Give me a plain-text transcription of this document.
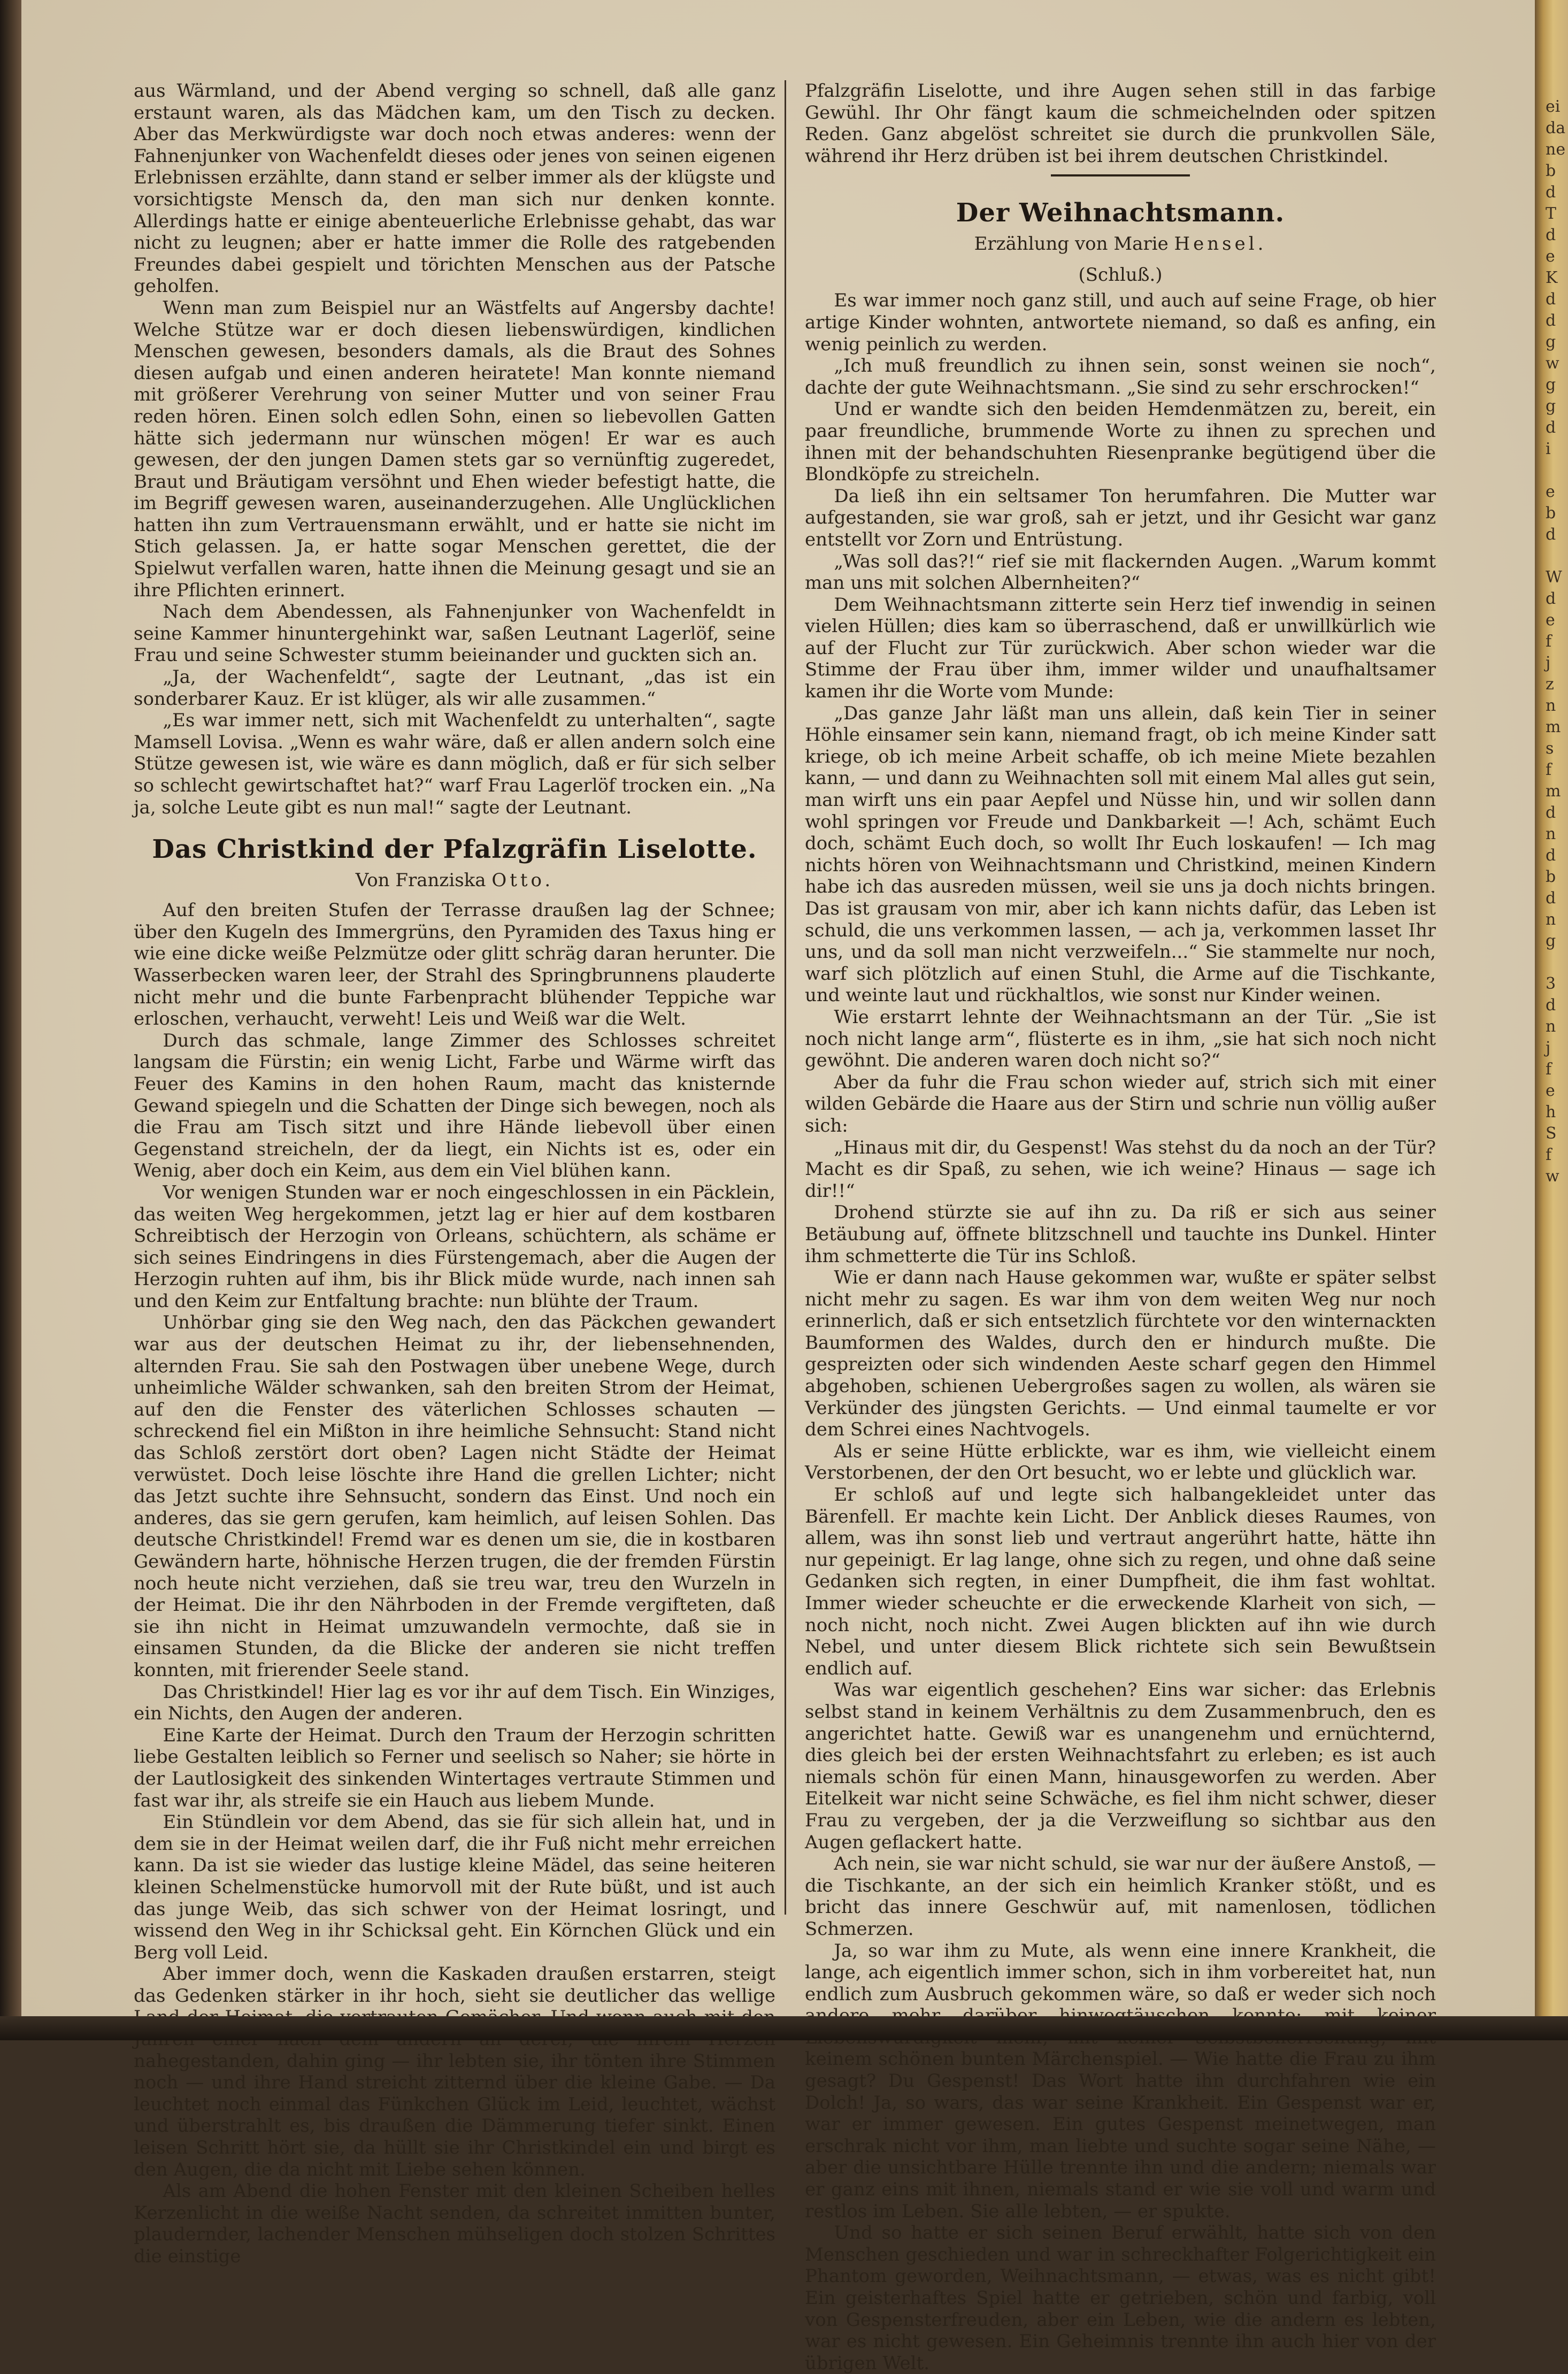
aus Wärmland, und der Abend verging so schnell, daß alle ganz erstaunt waren, als das Mädchen kam, um den Tisch zu decken. Aber das Merkwürdigste war doch noch etwas anderes: wenn der Fahnenjunker von Wachenfeldt dieses oder jenes von seinen eigenen Erlebnissen erzählte, dann stand er selber immer als der klügste und vorsichtigste Mensch da, den man sich nur denken konnte. Allerdings hatte er einige abenteuerliche Erlebnisse gehabt, das war nicht zu leugnen; aber er hatte immer die Rolle des ratgebenden Freundes dabei gespielt und törichten Menschen aus der Patsche geholfen.

Wenn man zum Beispiel nur an Wästfelts auf Angersby dachte! Welche Stütze war er doch diesen liebenswürdigen, kindlichen Menschen gewesen, besonders damals, als die Braut des Sohnes diesen aufgab und einen anderen heiratete! Man konnte niemand mit größerer Verehrung von seiner Mutter und von seiner Frau reden hören. Einen solch edlen Sohn, einen so liebevollen Gatten hätte sich jedermann nur wünschen mögen! Er war es auch gewesen, der den jungen Damen stets gar so vernünftig zugeredet, Braut und Bräutigam versöhnt und Ehen wieder befestigt hatte, die im Begriff gewesen waren, auseinanderzugehen. Alle Unglücklichen hatten ihn zum Vertrauensmann erwählt, und er hatte sie nicht im Stich gelassen. Ja, er hatte sogar Menschen gerettet, die der Spielwut verfallen waren, hatte ihnen die Meinung gesagt und sie an ihre Pflichten erinnert.

Nach dem Abendessen, als Fahnenjunker von Wachenfeldt in seine Kammer hinuntergehinkt war, saßen Leutnant Lagerlöf, seine Frau und seine Schwester stumm beieinander und guckten sich an.

„Ja, der Wachenfeldt“, sagte der Leutnant, „das ist ein sonderbarer Kauz. Er ist klüger, als wir alle zusammen.“

„Es war immer nett, sich mit Wachenfeldt zu unterhalten“, sagte Mamsell Lovisa. „Wenn es wahr wäre, daß er allen andern solch eine Stütze gewesen ist, wie wäre es dann möglich, daß er für sich selber so schlecht gewirtschaftet hat?“ warf Frau Lagerlöf trocken ein. „Na ja, solche Leute gibt es nun mal!“ sagte der Leutnant.

Das Christkind der Pfalzgräfin Liselotte.
Von Franziska Otto.

Auf den breiten Stufen der Terrasse draußen lag der Schnee; über den Kugeln des Immergrüns, den Pyramiden des Taxus hing er wie eine dicke weiße Pelzmütze oder glitt schräg daran herunter. Die Wasserbecken waren leer, der Strahl des Springbrunnens plauderte nicht mehr und die bunte Farbenpracht blühender Teppiche war erloschen, verhaucht, verweht! Leis und Weiß war die Welt.

Durch das schmale, lange Zimmer des Schlosses schreitet langsam die Fürstin; ein wenig Licht, Farbe und Wärme wirft das Feuer des Kamins in den hohen Raum, macht das knisternde Gewand spiegeln und die Schatten der Dinge sich bewegen, noch als die Frau am Tisch sitzt und ihre Hände liebevoll über einen Gegenstand streicheln, der da liegt, ein Nichts ist es, oder ein Wenig, aber doch ein Keim, aus dem ein Viel blühen kann.

Vor wenigen Stunden war er noch eingeschlossen in ein Päcklein, das weiten Weg hergekommen, jetzt lag er hier auf dem kostbaren Schreibtisch der Herzogin von Orleans, schüchtern, als schäme er sich seines Eindringens in dies Fürstengemach, aber die Augen der Herzogin ruhten auf ihm, bis ihr Blick müde wurde, nach innen sah und den Keim zur Entfaltung brachte: nun blühte der Traum.

Unhörbar ging sie den Weg nach, den das Päckchen gewandert war aus der deutschen Heimat zu ihr, der liebensehnenden, alternden Frau. Sie sah den Postwagen über unebene Wege, durch unheimliche Wälder schwanken, sah den breiten Strom der Heimat, auf den die Fenster des väterlichen Schlosses schauten — schreckend fiel ein Mißton in ihre heimliche Sehnsucht: Stand nicht das Schloß zerstört dort oben? Lagen nicht Städte der Heimat verwüstet. Doch leise löschte ihre Hand die grellen Lichter; nicht das Jetzt suchte ihre Sehnsucht, sondern das Einst. Und noch ein anderes, das sie gern gerufen, kam heimlich, auf leisen Sohlen. Das deutsche Christkindel! Fremd war es denen um sie, die in kostbaren Gewändern harte, höhnische Herzen trugen, die der fremden Fürstin noch heute nicht verziehen, daß sie treu war, treu den Wurzeln in der Heimat. Die ihr den Nährboden in der Fremde vergifteten, daß sie ihn nicht in Heimat umzuwandeln vermochte, daß sie in einsamen Stunden, da die Blicke der anderen sie nicht treffen konnten, mit frierender Seele stand.

Das Christkindel! Hier lag es vor ihr auf dem Tisch. Ein Winziges, ein Nichts, den Augen der anderen.

Eine Karte der Heimat. Durch den Traum der Herzogin schritten liebe Gestalten leiblich so Ferner und seelisch so Naher; sie hörte in der Lautlosigkeit des sinkenden Wintertages vertraute Stimmen und fast war ihr, als streife sie ein Hauch aus liebem Munde.

Ein Stündlein vor dem Abend, das sie für sich allein hat, und in dem sie in der Heimat weilen darf, die ihr Fuß nicht mehr erreichen kann. Da ist sie wieder das lustige kleine Mädel, das seine heiteren kleinen Schelmenstücke humorvoll mit der Rute büßt, und ist auch das junge Weib, das sich schwer von der Heimat losringt, und wissend den Weg in ihr Schicksal geht. Ein Körnchen Glück und ein Berg voll Leid.

Aber immer doch, wenn die Kaskaden draußen erstarren, steigt das Gedenken stärker in ihr hoch, sieht sie deutlicher das wellige nahegestanden, dahin ging — ihr lebten sie, ihr tönten ihre Stimmen noch — und ihre Hand streicht zitternd über die kleine Gabe. — Da leuchtet noch einmal das Fünkchen Glück im Leid, leuchtet, wächst und überstrahlt es, bis draußen die Dämmerung tiefer sinkt. Einen leisen Schritt hört sie, da hüllt sie ihr Christkindel ein und birgt es den Augen, die da nicht mit Liebe sehen können.

Als am Abend die hohen Fenster mit den kleinen Scheiben helles Kerzenlicht in die weiße Nacht senden, da schreitet inmitten bunter, plaudernder, lachender Menschen mühseligen doch stolzen Schrittes die einstige

Pfalzgräfin Liselotte, und ihre Augen sehen still in das farbige Gewühl. Ihr Ohr fängt kaum die schmeichelnden oder spitzen Reden. Ganz abgelöst schreitet sie durch die prunkvollen Säle, während ihr Herz drüben ist bei ihrem deutschen Christkindel.

Der Weihnachtsmann.
Erzählung von Marie Hensel.
(Schluß.)

Es war immer noch ganz still, und auch auf seine Frage, ob hier artige Kinder wohnten, antwortete niemand, so daß es anfing, ein wenig peinlich zu werden.

„Ich muß freundlich zu ihnen sein, sonst weinen sie noch“, dachte der gute Weihnachtsmann. „Sie sind zu sehr erschrocken!“

Und er wandte sich den beiden Hemdenmätzen zu, bereit, ein paar freundliche, brummende Worte zu ihnen zu sprechen und ihnen mit der behandschuhten Riesenpranke begütigend über die Blondköpfe zu streicheln.

Da ließ ihn ein seltsamer Ton herumfahren. Die Mutter war aufgestanden, sie war groß, sah er jetzt, und ihr Gesicht war ganz entstellt vor Zorn und Entrüstung.

„Was soll das?!“ rief sie mit flackernden Augen. „Warum kommt man uns mit solchen Albernheiten?“

Dem Weihnachtsmann zitterte sein Herz tief inwendig in seinen vielen Hüllen; dies kam so überraschend, daß er unwillkürlich wie auf der Flucht zur Tür zurückwich. Aber schon wieder war die Stimme der Frau über ihm, immer wilder und unaufhaltsamer kamen ihr die Worte vom Munde:

„Das ganze Jahr läßt man uns allein, daß kein Tier in seiner Höhle einsamer sein kann, niemand fragt, ob ich meine Kinder satt kriege, ob ich meine Arbeit schaffe, ob ich meine Miete bezahlen kann, — und dann zu Weihnachten soll mit einem Mal alles gut sein, man wirft uns ein paar Aepfel und Nüsse hin, und wir sollen dann wohl springen vor Freude und Dankbarkeit —! Ach, schämt Euch doch, schämt Euch doch, so wollt Ihr Euch loskaufen! — Ich mag nichts hören von Weihnachtsmann und Christkind, meinen Kindern habe ich das ausreden müssen, weil sie uns ja doch nichts bringen. Das ist grausam von mir, aber ich kann nichts dafür, das Leben ist schuld, die uns verkommen lassen, — ach ja, verkommen lasset Ihr uns, und da soll man nicht verzweifeln...“ Sie stammelte nur noch, warf sich plötzlich auf einen Stuhl, die Arme auf die Tischkante, und weinte laut und rückhaltlos, wie sonst nur Kinder weinen.

Wie erstarrt lehnte der Weihnachtsmann an der Tür. „Sie ist noch nicht lange arm“, flüsterte es in ihm, „sie hat sich noch nicht gewöhnt. Die anderen waren doch nicht so?“

Aber da fuhr die Frau schon wieder auf, strich sich mit einer wilden Gebärde die Haare aus der Stirn und schrie nun völlig außer sich:

„Hinaus mit dir, du Gespenst! Was stehst du da noch an der Tür? Macht es dir Spaß, zu sehen, wie ich weine? Hinaus — sage ich dir!!“

Drohend stürzte sie auf ihn zu. Da riß er sich aus seiner Betäubung auf, öffnete blitzschnell und tauchte ins Dunkel. Hinter ihm schmetterte die Tür ins Schloß.

Wie er dann nach Hause gekommen war, wußte er später selbst nicht mehr zu sagen. Es war ihm von dem weiten Weg nur noch erinnerlich, daß er sich entsetzlich fürchtete vor den winternackten Baumformen des Waldes, durch den er hindurch mußte. Die gespreizten oder sich windenden Aeste scharf gegen den Himmel abgehoben, schienen Uebergroßes sagen zu wollen, als wären sie Verkünder des jüngsten Gerichts. — Und einmal taumelte er vor dem Schrei eines Nachtvogels.

Als er seine Hütte erblickte, war es ihm, wie vielleicht einem Verstorbenen, der den Ort besucht, wo er lebte und glücklich war.

Er schloß auf und legte sich halbangekleidet unter das Bärenfell. Er machte kein Licht. Der Anblick dieses Raumes, von allem, was ihn sonst lieb und vertraut angerührt hatte, hätte ihn nur gepeinigt. Er lag lange, ohne sich zu regen, und ohne daß seine Gedanken sich regten, in einer Dumpfheit, die ihm fast wohltat. Immer wieder scheuchte er die erweckende Klarheit von sich, — noch nicht, noch nicht. Zwei Augen blickten auf ihn wie durch Nebel, und unter diesem Blick richtete sich sein Bewußtsein endlich auf.

Was war eigentlich geschehen? Eins war sicher: das Erlebnis selbst stand in keinem Verhältnis zu dem Zusammenbruch, den es angerichtet hatte. Gewiß war es unangenehm und ernüchternd, dies gleich bei der ersten Weihnachtsfahrt zu erleben; es ist auch niemals schön für einen Mann, hinausgeworfen zu werden. Aber Eitelkeit war nicht seine Schwäche, es fiel ihm nicht schwer, dieser Frau zu vergeben, der ja die Verzweiflung so sichtbar aus den Augen geflackert hatte.

Ach nein, sie war nicht schuld, sie war nur der äußere Anstoß, — die Tischkante, an der sich ein heimlich Kranker stößt, und es bricht das innere Geschwür auf, mit namenlosen, tödlichen Schmerzen.

Ja, so war ihm zu Mute, als wenn eine innere Krankheit, die lange, ach eigentlich immer schon, sich in ihm vorbereitet hat, nun endlich zum Ausbruch gekommen wäre, so daß er weder sich noch keinem schönen bunten Märchenspiel. — Wie hatte die Frau zu ihm gesagt? Du Gespenst! Das Wort hatte ihn durchfahren wie ein Dolch! Ja, so wars, das war seine Krankheit. Ein Gespenst war er, war er immer gewesen. Ein gutes Gespenst meinetwegen, man erschrak nicht vor ihm, man liebte und suchte sogar seine Nähe, — aber die unsichtbare Hülle trennte ihn und die andern; niemals war er ganz eins mit ihnen, niemals stand er wie sie voll und warm und restlos im Leben. Sie alle lebten, — er spukte.

Und so hatte er sich seinen Beruf erwählt, hatte sich von den Menschen geschieden und war in schreckhafter Folgerichtigkeit ein Phantom geworden, Weihnachtsmann, — etwas, was es nicht gibt! Ein geisterhaftes Spiel hatte er getrieben, schön und farbig, voll von Gespensterfreuden, aber ein Leben, wie die andern es lebten, war es nicht gewesen. Ein Geheimnis trennte ihn auch hier von der übrigen Welt.

ei
da
ne
b
d
T
d
e
K
d
d
g
w
g
g
d
i

e
b
d

W
d
e
f
j
z
n
m
s
f
m
d
n
d
b
d
n
g

3
d
n
j
f
e
h
S
f
w
